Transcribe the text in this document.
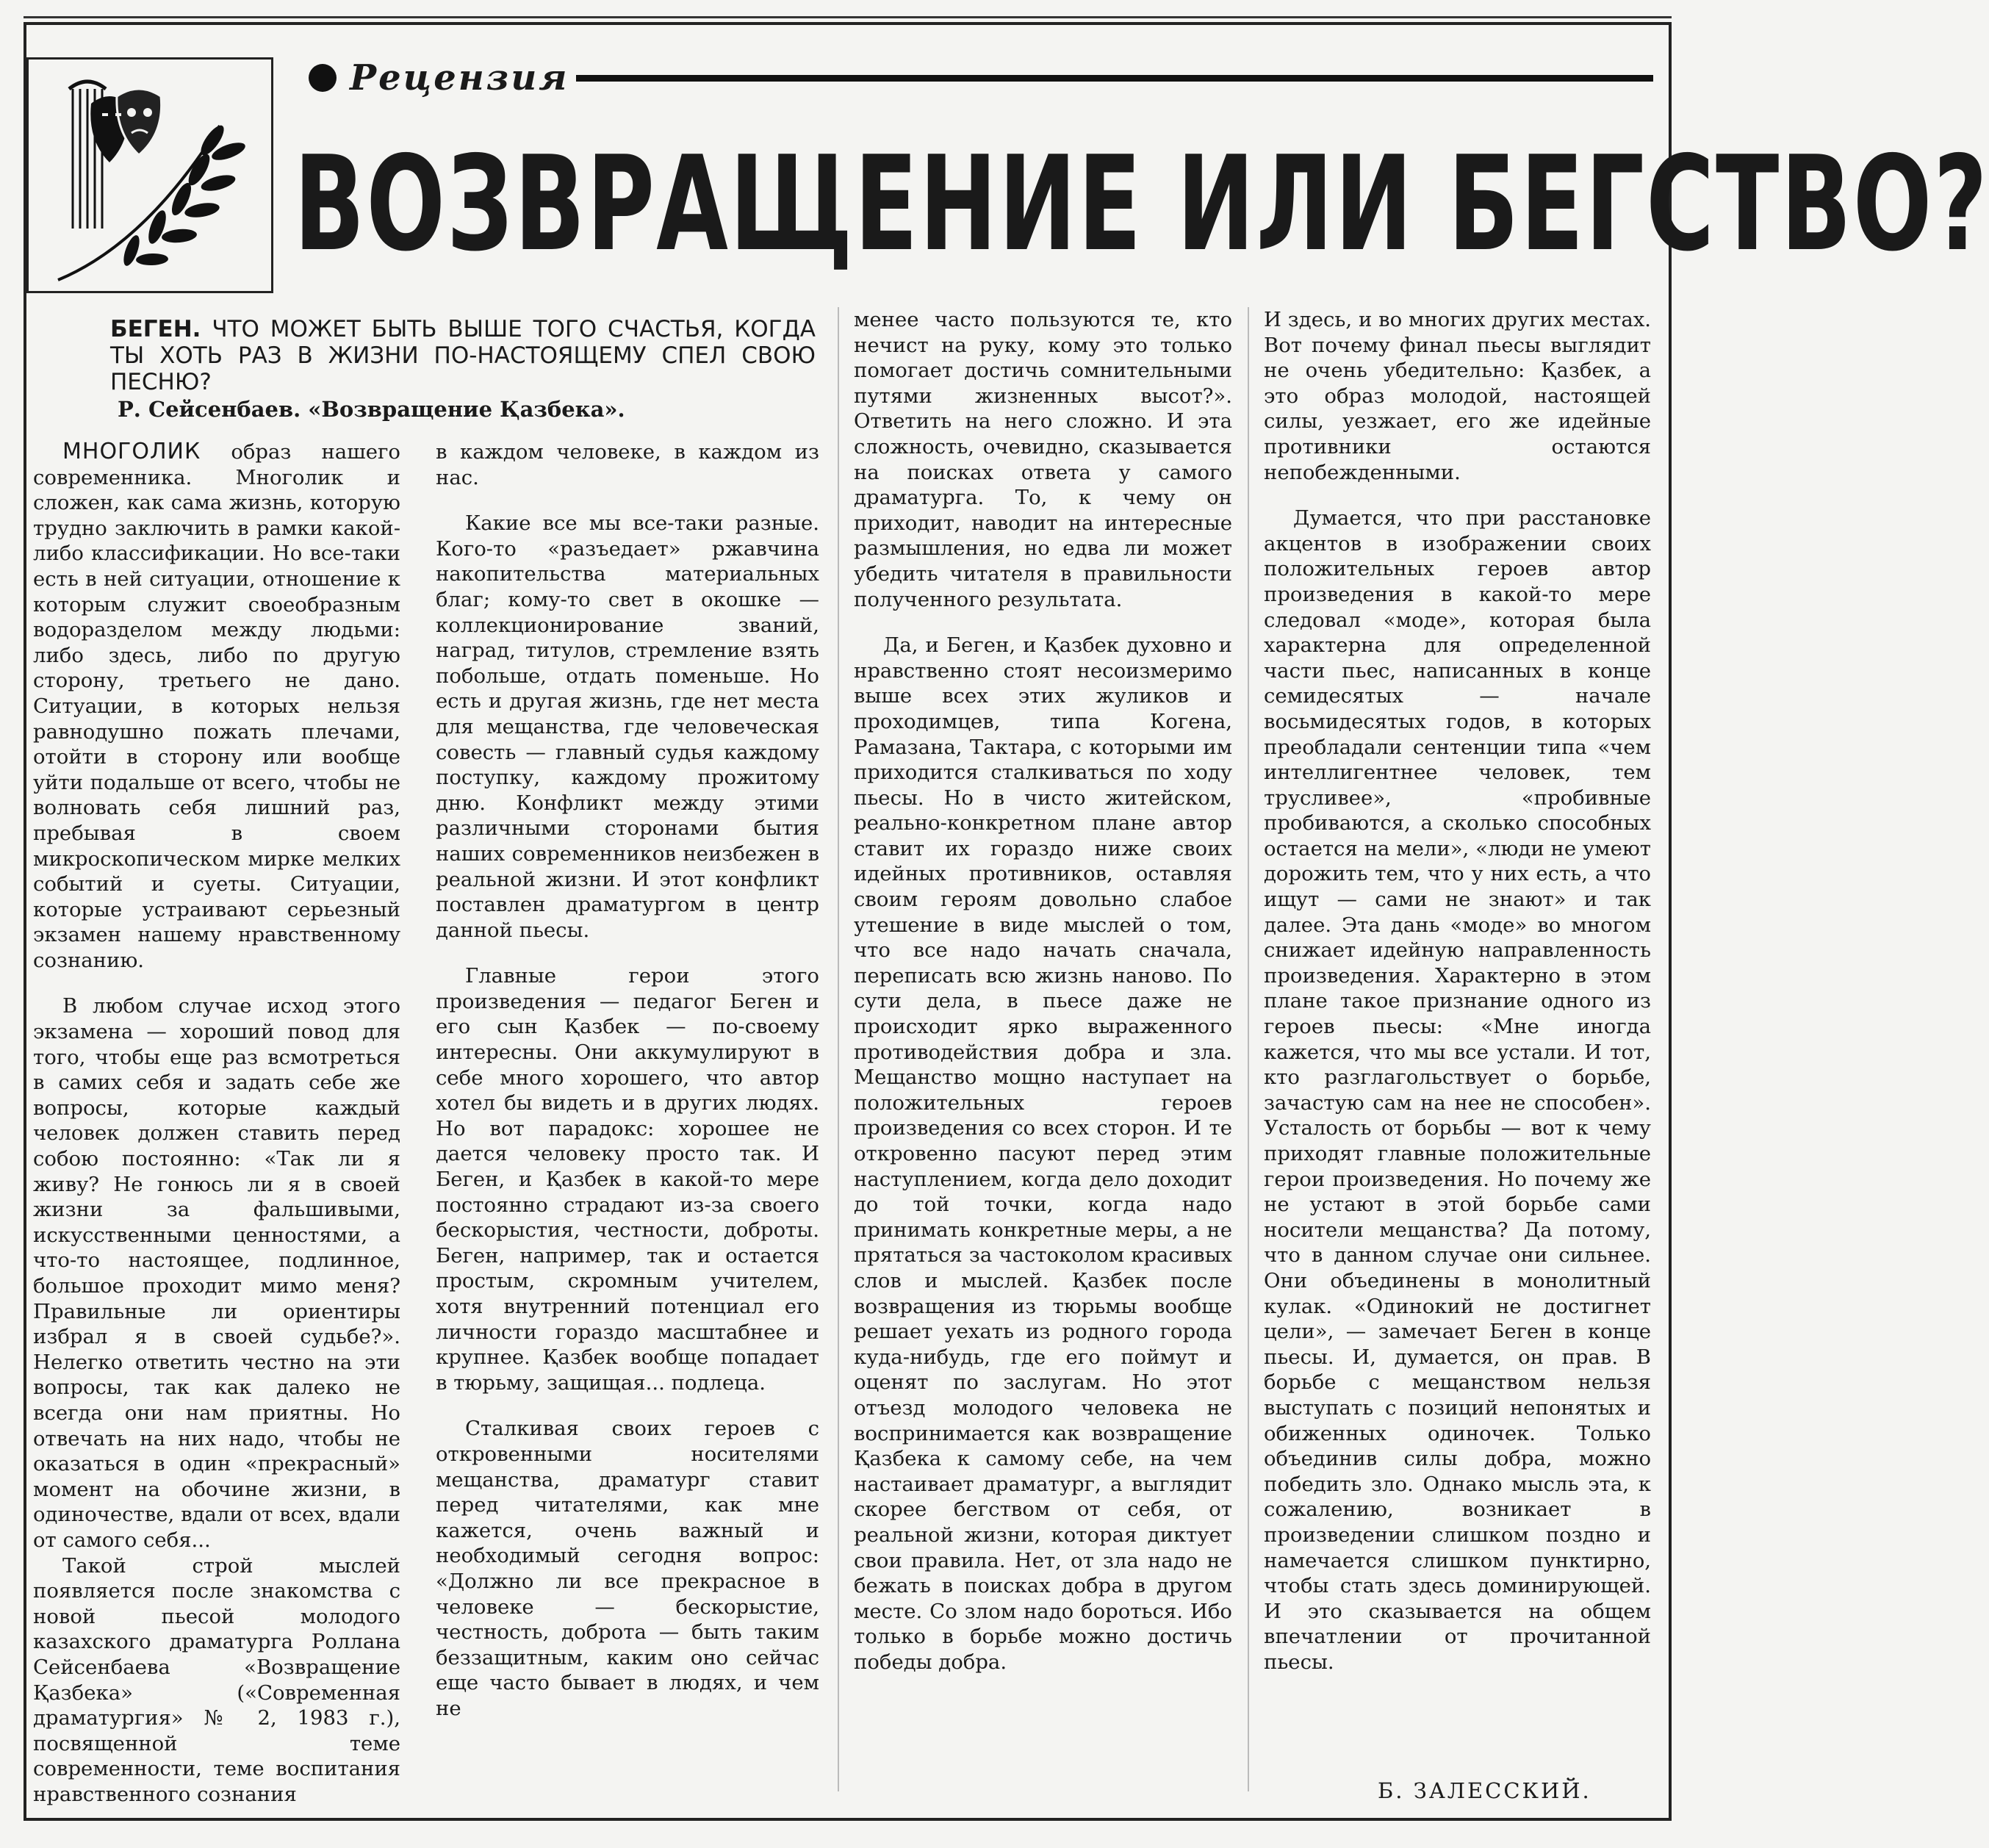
Рецензия
ВОЗВРАЩЕНИЕ ИЛИ БЕГСТВО?
БЕГЕН. ЧТО МОЖЕТ БЫТЬ ВЫШЕ ТОГО СЧАСТЬЯ, КОГДА ТЫ ХОТЬ РАЗ В ЖИЗНИ ПО-НАСТОЯЩЕМУ СПЕЛ СВОЮ ПЕСНЮ?
Р. Сейсенбаев. «Возвращение Қазбека».

МНОГОЛИК образ нашего современника. Многолик и сложен, как сама жизнь, которую трудно заключить в рамки какой-либо классификации. Но все-таки есть в ней ситуации, отношение к которым служит своеобразным водоразделом между людьми: либо здесь, либо по другую сторону, третьего не дано. Ситуации, в которых нельзя равнодушно пожать плечами, отойти в сторону или вообще уйти подальше от всего, чтобы не волновать себя лишний раз, пребывая в своем микроскопическом мирке мелких событий и суеты. Ситуации, которые устраивают серьезный экзамен нашему нравственному сознанию.

В любом случае исход этого экзамена — хороший повод для того, чтобы еще раз всмотреться в самих себя и задать себе же вопросы, которые каждый человек должен ставить перед собою постоянно: «Так ли я живу? Не гонюсь ли я в своей жизни за фальшивыми, искусственными ценностями, а что-то настоящее, подлинное, большое проходит мимо меня? Правильные ли ориентиры избрал я в своей судьбе?». Нелегко ответить честно на эти вопросы, так как далеко не всегда они нам приятны. Но отвечать на них надо, чтобы не оказаться в один «прекрасный» момент на обочине жизни, в одиночестве, вдали от всех, вдали от самого себя...

Такой строй мыслей появляется после знакомства с новой пьесой молодого казахского драматурга Роллана Сейсенбаева «Возвращение Қазбека» («Современная драматургия» № 2, 1983 г.), посвященной теме современности, теме воспитания нравственного сознания

в каждом человеке, в каждом из нас.

Какие все мы все-таки разные. Кого-то «разъедает» ржавчина накопительства материальных благ; кому-то свет в окошке — коллекционирование званий, наград, титулов, стремление взять побольше, отдать поменьше. Но есть и другая жизнь, где нет места для мещанства, где человеческая совесть — главный судья каждому поступку, каждому прожитому дню. Конфликт между этими различными сторонами бытия наших современников неизбежен в реальной жизни. И этот конфликт поставлен драматургом в центр данной пьесы.

Главные герои этого произведения — педагог Беген и его сын Қазбек — по-своему интересны. Они аккумулируют в себе много хорошего, что автор хотел бы видеть и в других людях. Но вот парадокс: хорошее не дается человеку просто так. И Беген, и Қазбек в какой-то мере постоянно страдают из-за своего бескорыстия, честности, доброты. Беген, например, так и остается простым, скромным учителем, хотя внутренний потенциал его личности гораздо масштабнее и крупнее. Қазбек вообще попадает в тюрьму, защищая... подлеца.

Сталкивая своих героев с откровенными носителями мещанства, драматург ставит перед читателями, как мне кажется, очень важный и необходимый сегодня вопрос: «Должно ли все прекрасное в человеке — бескорыстие, честность, доброта — быть таким беззащитным, каким оно сейчас еще часто бывает в людях, и чем не

менее часто пользуются те, кто нечист на руку, кому это только помогает достичь сомнительными путями жизненных высот?». Ответить на него сложно. И эта сложность, очевидно, сказывается на поисках ответа у самого драматурга. То, к чему он приходит, наводит на интересные размышления, но едва ли может убедить читателя в правильности полученного результата.

Да, и Беген, и Қазбек духовно и нравственно стоят несоизмеримо выше всех этих жуликов и проходимцев, типа Когена, Рамазана, Тактара, с которыми им приходится сталкиваться по ходу пьесы. Но в чисто житейском, реально-конкретном плане автор ставит их гораздо ниже своих идейных противников, оставляя своим героям довольно слабое утешение в виде мыслей о том, что все надо начать сначала, переписать всю жизнь наново. По сути дела, в пьесе даже не происходит ярко выраженного противодействия добра и зла. Мещанство мощно наступает на положительных героев произведения со всех сторон. И те откровенно пасуют перед этим наступлением, когда дело доходит до той точки, когда надо принимать конкретные меры, а не прятаться за частоколом красивых слов и мыслей. Қазбек после возвращения из тюрьмы вообще решает уехать из родного города куда-нибудь, где его поймут и оценят по заслугам. Но этот отъезд молодого человека не воспринимается как возвращение Қазбека к самому себе, на чем настаивает драматург, а выглядит скорее бегством от себя, от реальной жизни, которая диктует свои правила. Нет, от зла надо не бежать в поисках добра в другом месте. Со злом надо бороться. Ибо только в борьбе можно достичь победы добра.

И здесь, и во многих других местах. Вот почему финал пьесы выглядит не очень убедительно: Қазбек, а это образ молодой, настоящей силы, уезжает, его же идейные противники остаются непобежденными.

Думается, что при расстановке акцентов в изображении своих положительных героев автор произведения в какой-то мере следовал «моде», которая была характерна для определенной части пьес, написанных в конце семидесятых — начале восьмидесятых годов, в которых преобладали сентенции типа «чем интеллигентнее человек, тем трусливее», «пробивные пробиваются, а сколько способных остается на мели», «люди не умеют дорожить тем, что у них есть, а что ищут — сами не знают» и так далее. Эта дань «моде» во многом снижает идейную направленность произведения. Характерно в этом плане такое признание одного из героев пьесы: «Мне иногда кажется, что мы все устали. И тот, кто разглагольствует о борьбе, зачастую сам на нее не способен». Усталость от борьбы — вот к чему приходят главные положительные герои произведения. Но почему же не устают в этой борьбе сами носители мещанства? Да потому, что в данном случае они сильнее. Они объединены в монолитный кулак. «Одинокий не достигнет цели», — замечает Беген в конце пьесы. И, думается, он прав. В борьбе с мещанством нельзя выступать с позиций непонятых и обиженных одиночек. Только объединив силы добра, можно победить зло. Однако мысль эта, к сожалению, возникает в произведении слишком поздно и намечается слишком пунктирно, чтобы стать здесь доминирующей. И это сказывается на общем впечатлении от прочитанной пьесы.

Б. ЗАЛЕССКИЙ.
